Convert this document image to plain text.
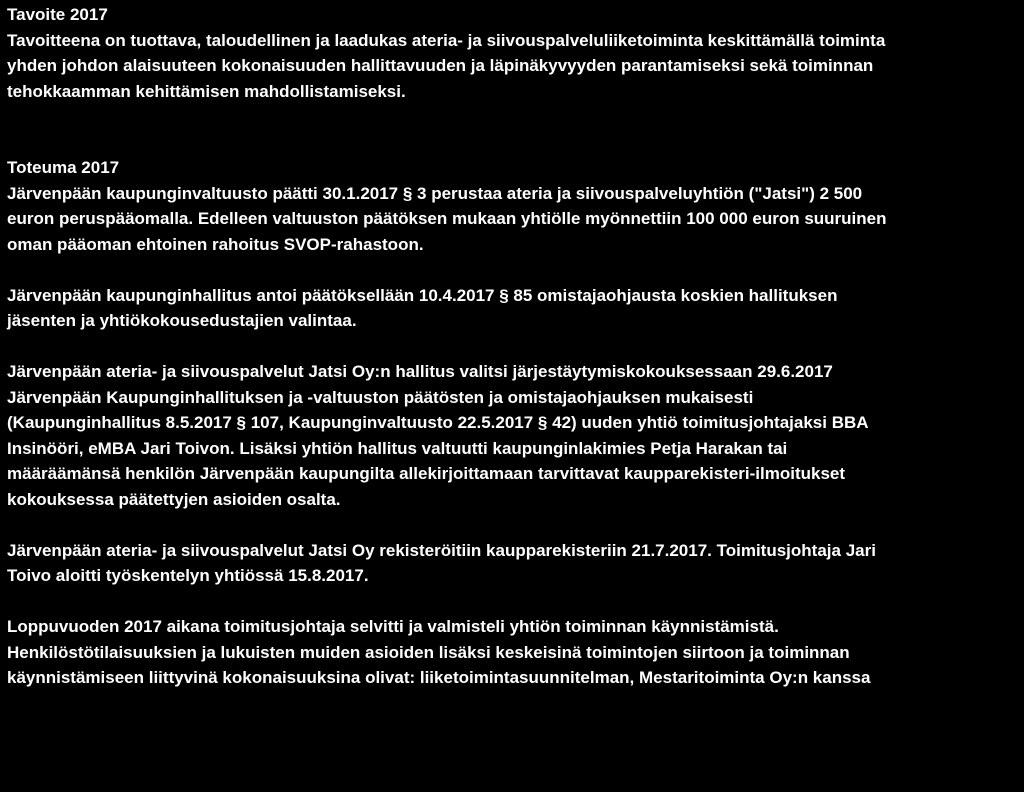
Tavoite 2017

Tavoitteena on tuottava, taloudellinen ja laadukas ateria- ja siivouspalveluliiketoiminta keskittämällä toiminta
yhden johdon alaisuuteen kokonaisuuden hallittavuuden ja läpinäkyvyyden parantamiseksi sekä toiminnan
tehokkaamman kehittämisen mahdollistamiseksi.

Toteuma 2017

Järvenpään kaupunginvaltuusto päätti 30.1.2017 § 3 perustaa ateria ja siivouspalveluyhtiön ("Jatsi") 2 500
euron peruspääomalla. Edelleen valtuuston päätöksen mukaan yhtiölle myönnettiin 100 000 euron suuruinen
oman pääoman ehtoinen rahoitus SVOP-rahastoon.

Järvenpään kaupunginhallitus antoi päätöksellään 10.4.2017 § 85 omistajaohjausta koskien hallituksen
jäsenten ja yhtiökokousedustajien valintaa.

Järvenpään ateria- ja siivouspalvelut Jatsi Oy:n hallitus valitsi järjestäytymiskokouksessaan 29.6.2017
Järvenpään Kaupunginhallituksen ja -valtuuston päätösten ja omistajaohjauksen mukaisesti
(Kaupunginhallitus 8.5.2017 § 107, Kaupunginvaltuusto 22.5.2017 § 42) uuden yhtiö toimitusjohtajaksi BBA
Insinööri, eMBA Jari Toivon. Lisäksi yhtiön hallitus valtuutti kaupunginlakimies Petja Harakan tai
määräämänsä henkilön Järvenpään kaupungilta allekirjoittamaan tarvittavat kaupparekisteri-ilmoitukset
kokouksessa päätettyjen asioiden osalta.

Järvenpään ateria- ja siivouspalvelut Jatsi Oy rekisteröitiin kaupparekisteriin 21.7.2017. Toimitusjohtaja Jari
Toivo aloitti työskentelyn yhtiössä 15.8.2017.

Loppuvuoden 2017 aikana toimitusjohtaja selvitti ja valmisteli yhtiön toiminnan käynnistämistä.
Henkilöstötilaisuuksien ja lukuisten muiden asioiden lisäksi keskeisinä toimintojen siirtoon ja toiminnan
käynnistämiseen liittyvinä kokonaisuuksina olivat: liiketoimintasuunnitelman, Mestaritoiminta Oy:n kanssa
